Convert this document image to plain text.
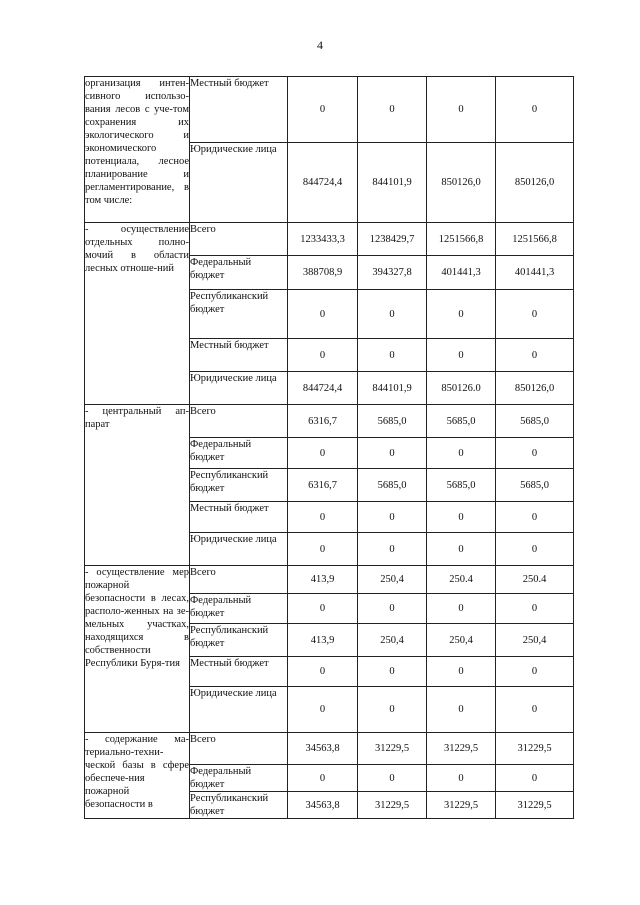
4
организация интен-сивного использо-вания лесов с уче-том сохранения их экологического и экономического потенциала, лесное планирование и регламентирование, в том числе:	Местный бюджет	0	0	0	0
	Юридические лица	844724,4	844101,9	850126,0	850126,0
- осуществление отдельных полно-мочий в области лесных отноше-ний	Всего	1233433,3	1238429,7	1251566,8	1251566,8
	Федеральный бюджет	388708,9	394327,8	401441,3	401441,3
	Республиканский бюджет	0	0	0	0
	Местный бюджет	0	0	0	0
	Юридические лица	844724,4	844101,9	850126.0	850126,0
- центральный ап-парат	Всего	6316,7	5685,0	5685,0	5685,0
	Федеральный бюджет	0	0	0	0
	Республиканский бюджет	6316,7	5685,0	5685,0	5685,0
	Местный бюджет	0	0	0	0
	Юридические лица	0	0	0	0
- осуществление мер пожарной безопасности в лесах, располо-женных на зе-мельных участках, находящихся в собственности Республики Буря-тия	Всего	413,9	250,4	250.4	250.4
	Федеральный бюджет	0	0	0	0
	Республиканский бюджет	413,9	250,4	250,4	250,4
	Местный бюджет	0	0	0	0
	Юридические лица	0	0	0	0
- содержание ма-териально-техни-ческой базы в сфере обеспече-ния пожарной безопасности в	Всего	34563,8	31229,5	31229,5	31229,5
	Федеральный бюджет	0	0	0	0
	Республиканский бюджет	34563,8	31229,5	31229,5	31229,5
